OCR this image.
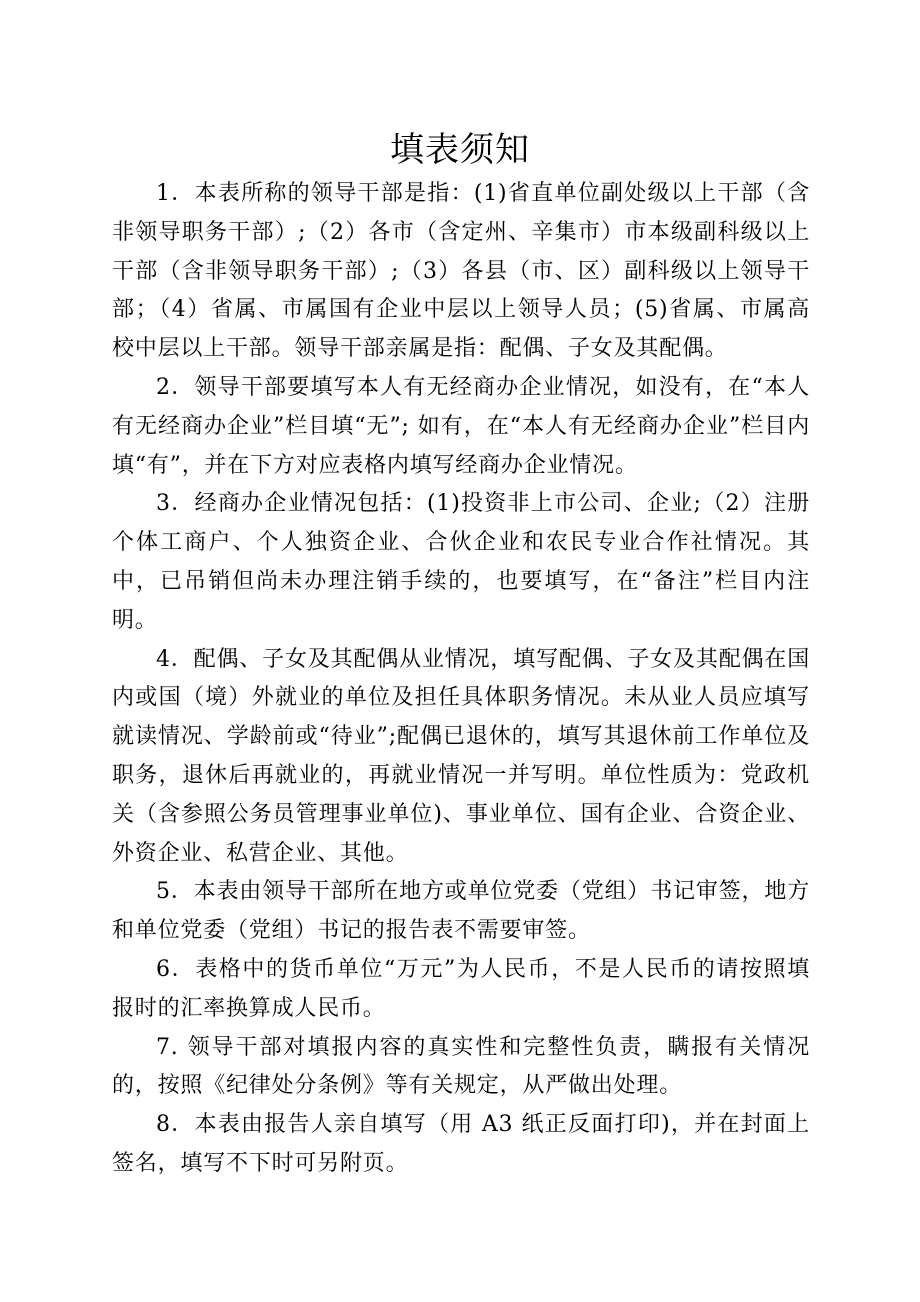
填表须知

1．本表所称的领导干部是指：(1)省直单位副处级以上干部（含非领导职务干部）;（2）各市（含定州、辛集市）市本级副科级以上干部（含非领导职务干部）;（3）各县（市、区）副科级以上领导干部；（4）省属、市属国有企业中层以上领导人员；(5)省属、市属高校中层以上干部。领导干部亲属是指：配偶、子女及其配偶。

2．领导干部要填写本人有无经商办企业情况，如没有，在“本人有无经商办企业”栏目填“无”; 如有，在“本人有无经商办企业”栏目内填“有”，并在下方对应表格内填写经商办企业情况。

3．经商办企业情况包括：(1)投资非上市公司、企业;（2）注册个体工商户、个人独资企业、合伙企业和农民专业合作社情况。其中，已吊销但尚未办理注销手续的，也要填写，在“备注”栏目内注明。

4．配偶、子女及其配偶从业情况，填写配偶、子女及其配偶在国内或国（境）外就业的单位及担任具体职务情况。未从业人员应填写就读情况、学龄前或“待业”;配偶已退休的，填写其退休前工作单位及职务，退休后再就业的，再就业情况一并写明。单位性质为：党政机关（含参照公务员管理事业单位)、事业单位、国有企业、合资企业、外资企业、私营企业、其他。

5．本表由领导干部所在地方或单位党委（党组）书记审签，地方和单位党委（党组）书记的报告表不需要审签。

6．表格中的货币单位“万元”为人民币，不是人民币的请按照填报时的汇率换算成人民币。

7. 领导干部对填报内容的真实性和完整性负责，瞒报有关情况的，按照《纪律处分条例》等有关规定，从严做出处理。

8．本表由报告人亲自填写（用 A3 纸正反面打印)，并在封面上签名，填写不下时可另附页。
